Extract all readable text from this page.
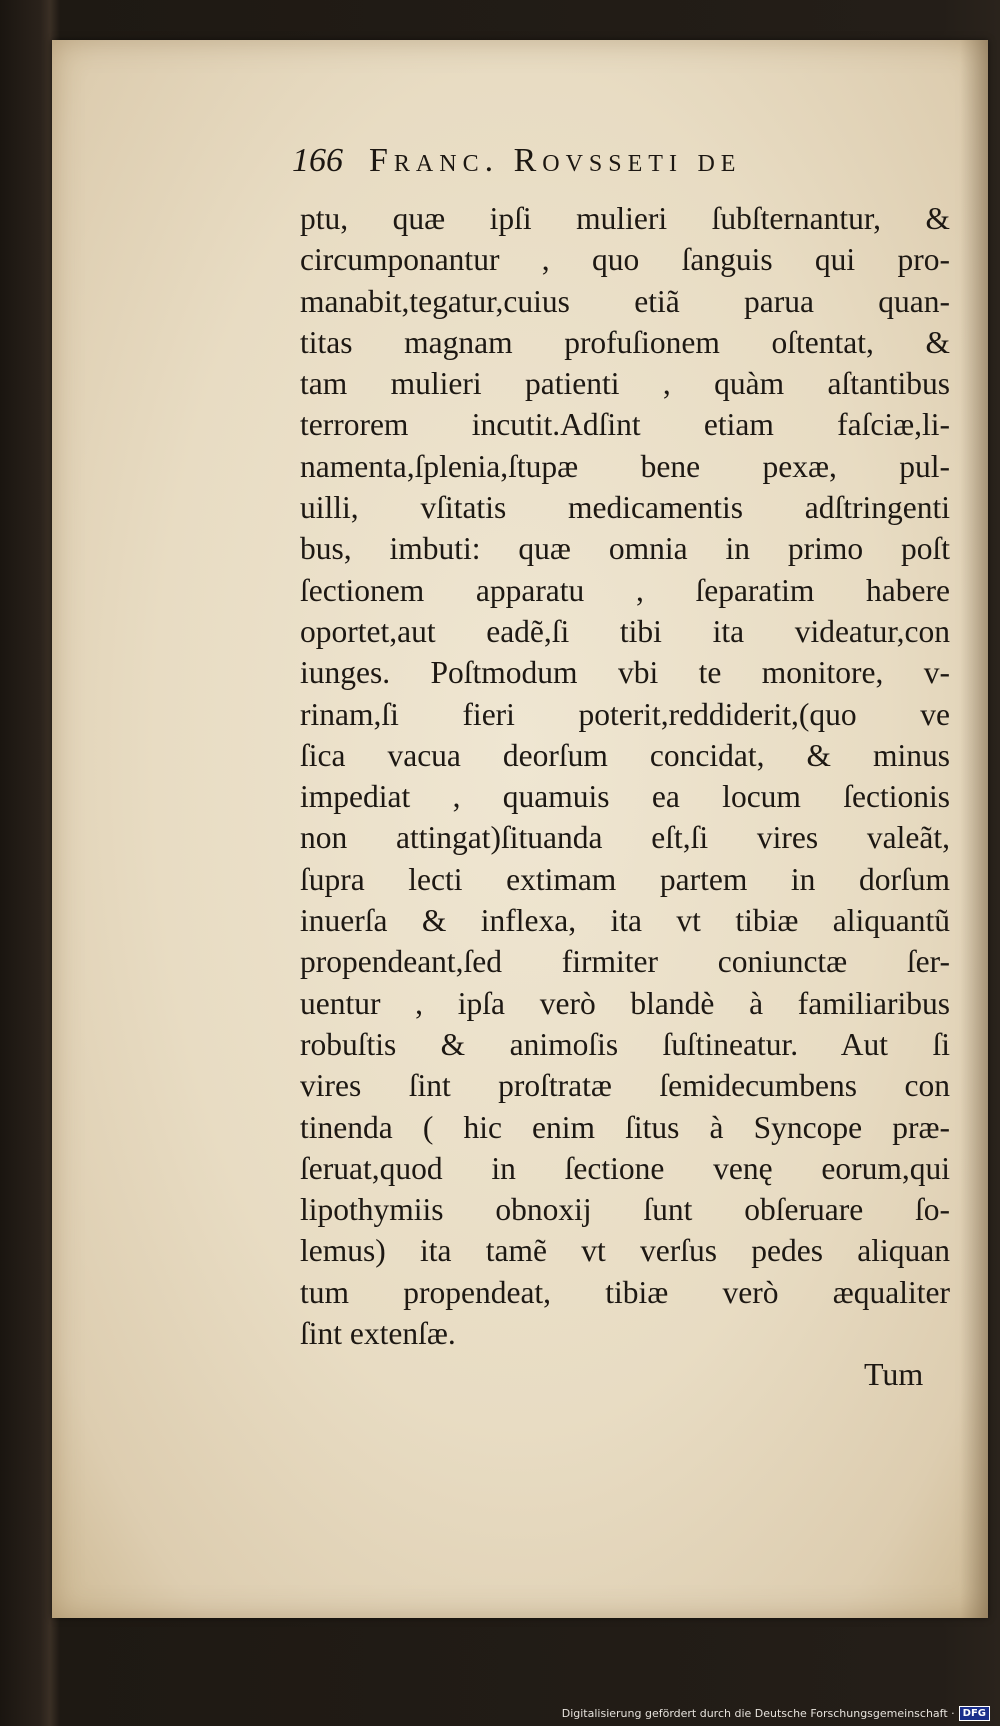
166 Franc. Rovsseti de
ptu, quæ ipſi mulieri ſubſternantur, &
circumponantur , quo ſanguis qui pro-
manabit,tegatur,cuius etiã parua quan-
titas magnam profuſionem oſtentat, &
tam mulieri patienti , quàm aſtantibus
terrorem incutit.Adſint etiam faſciæ,li-
namenta,ſplenia,ſtupæ bene pexæ, pul-
uilli, vſitatis medicamentis adſtringenti
bus, imbuti: quæ omnia in primo poſt
ſectionem apparatu , ſeparatim habere
oportet,aut eadẽ,ſi tibi ita videatur,con
iunges. Poſtmodum vbi te monitore, v-
rinam,ſi fieri poterit,reddiderit,(quo ve
ſica vacua deorſum concidat, & minus
impediat , quamuis ea locum ſectionis
non attingat)ſituanda eſt,ſi vires valeãt,
ſupra lecti extimam partem in dorſum
inuerſa & inflexa, ita vt tibiæ aliquantũ
propendeant,ſed firmiter coniunctæ ſer-
uentur , ipſa verò blandè à familiaribus
robuſtis & animoſis ſuſtineatur. Aut ſi
vires ſint proſtratæ ſemidecumbens con
tinenda ( hic enim ſitus à Syncope præ-
ſeruat,quod in ſectione venę eorum,qui
lipothymiis obnoxij ſunt obſeruare ſo-
lemus) ita tamẽ vt verſus pedes aliquan
tum propendeat, tibiæ verò æqualiter
ſint extenſæ.
Tum
Digitalisierung gefördert durch die Deutsche Forschungsgemeinschaft · DFG
